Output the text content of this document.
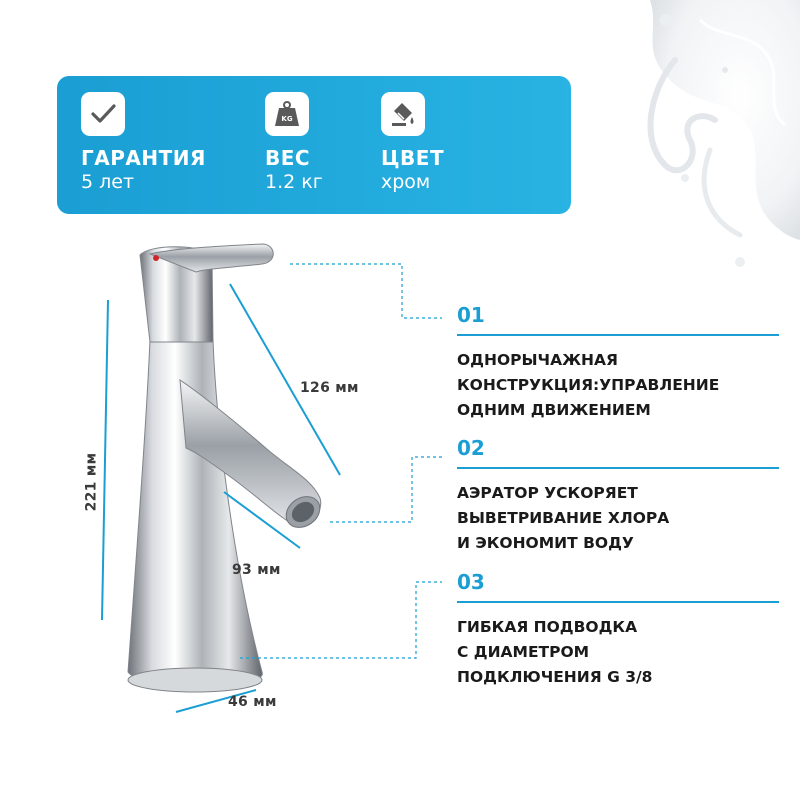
ГАРАНТИЯ
5 лет
KG
ВЕС
1.2 кг
ЦВЕТ
хром
126 мм
93 мм
46 мм
221 мм
01
ОДНОРЫЧАЖНАЯ
КОНСТРУКЦИЯ:УПРАВЛЕНИЕ
ОДНИМ ДВИЖЕНИЕМ
02
АЭРАТОР УСКОРЯЕТ
ВЫВЕТРИВАНИЕ ХЛОРА
И ЭКОНОМИТ ВОДУ
03
ГИБКАЯ ПОДВОДКА
С ДИАМЕТРОМ
ПОДКЛЮЧЕНИЯ G 3/8
